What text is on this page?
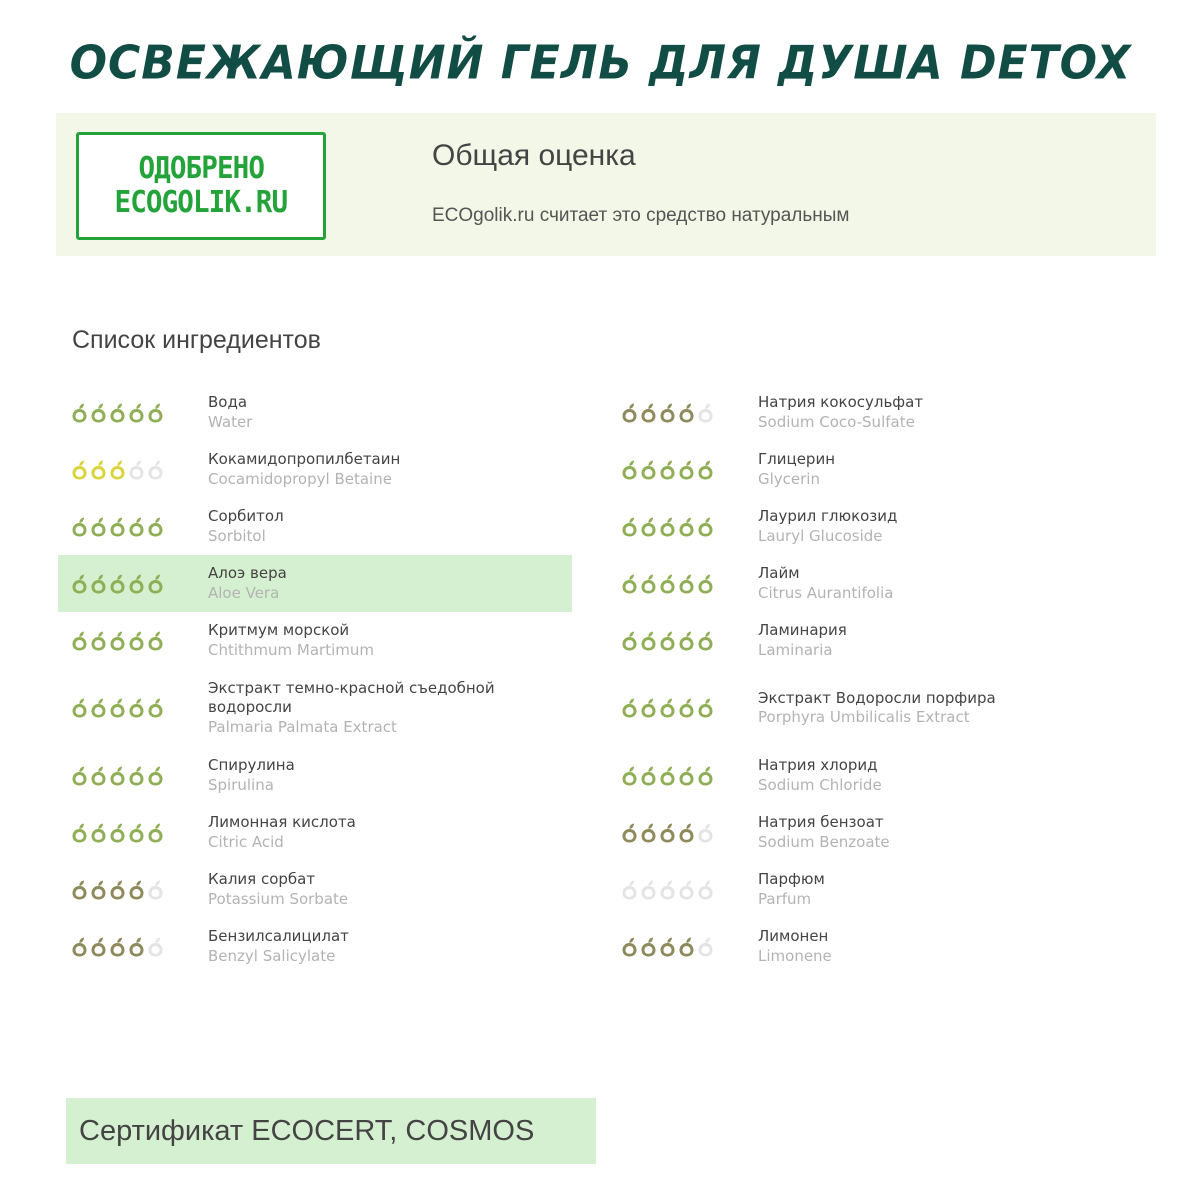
ОСВЕЖАЮЩИЙ ГЕЛЬ ДЛЯ ДУША DETOX
ОДОБРЕНО
ECOGOLIK.RU
Общая оценка
ECOgolik.ru считает это средство натуральным
Список ингредиентов
Вода
Water
Кокамидопропилбетаин
Cocamidopropyl Betaine
Сорбитол
Sorbitol
Алоэ вера
Aloe Vera
Критмум морской
Chtithmum Martimum
Экстракт темно-красной съедобной водоросли
Palmaria Palmata Extract
Спирулина
Spirulina
Лимонная кислота
Citric Acid
Калия сорбат
Potassium Sorbate
Бензилсалицилат
Benzyl Salicylate
Натрия кокосульфат
Sodium Coco-Sulfate
Глицерин
Glycerin
Лаурил глюкозид
Lauryl Glucoside
Лайм
Citrus Aurantifolia
Ламинария
Laminaria
Экстракт Водоросли порфира
Porphyra Umbilicalis Extract
Натрия хлорид
Sodium Chloride
Натрия бензоат
Sodium Benzoate
Парфюм
Parfum
Лимонен
Limonene
Сертификат ECOCERT, COSMOS
